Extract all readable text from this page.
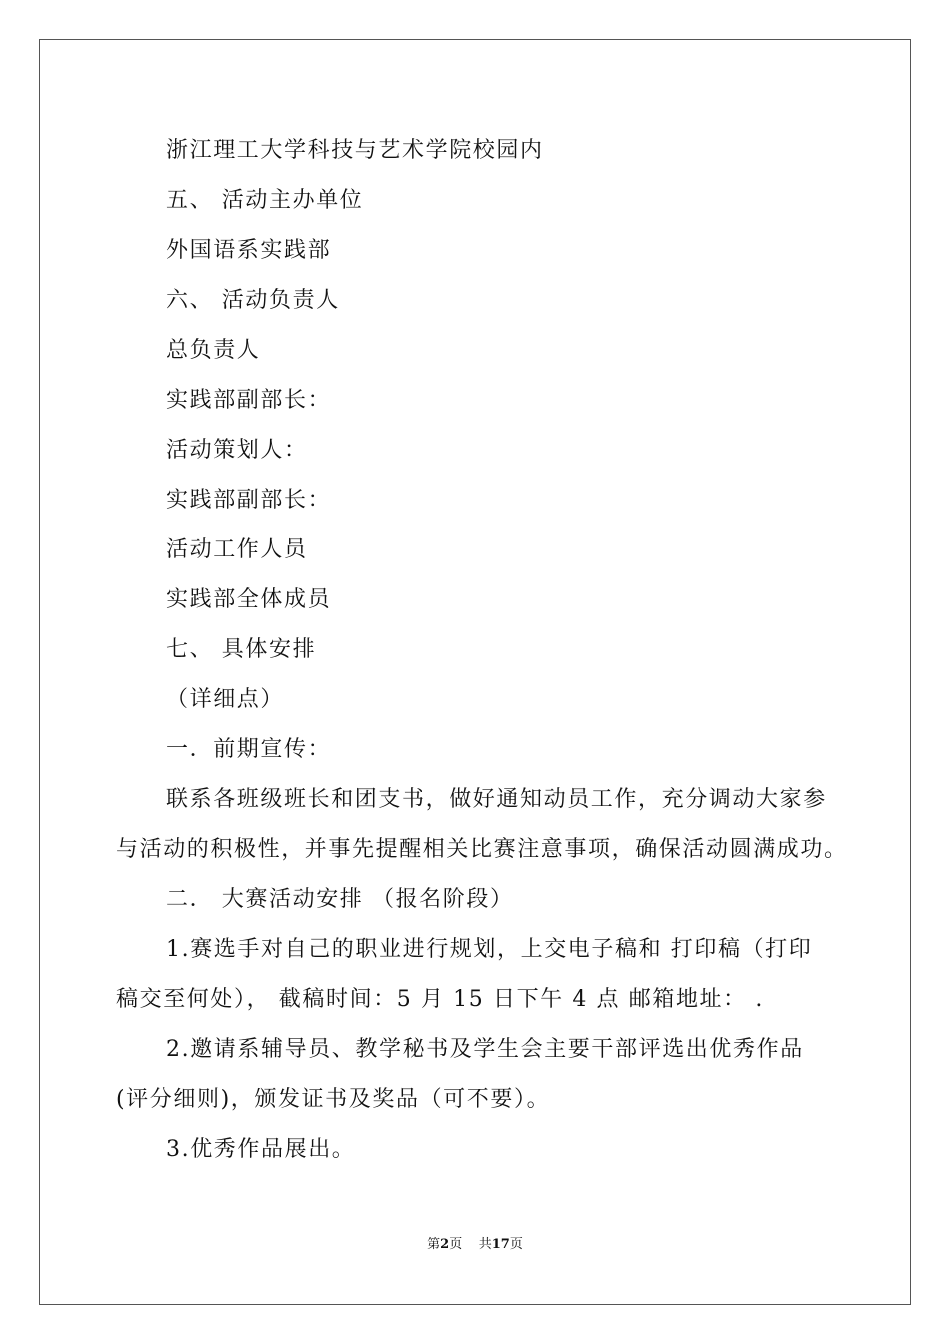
浙江理工大学科技与艺术学院校园内
五、 活动主办单位
外国语系实践部
六、 活动负责人
总负责人
实践部副部长：
活动策划人：
实践部副部长：
活动工作人员
实践部全体成员
七、 具体安排
（详细点）
一．前期宣传：
联系各班级班长和团支书，做好通知动员工作，充分调动大家参
与活动的积极性，并事先提醒相关比赛注意事项，确保活动圆满成功。
二． 大赛活动安排 （报名阶段）
1.赛选手对自己的职业进行规划，上交电子稿和 打印稿（打印
稿交至何处）， 截稿时间：5 月 15 日下午 4 点 邮箱地址： .
2.邀请系辅导员、教学秘书及学生会主要干部评选出优秀作品
(评分细则)，颁发证书及奖品（可不要）。
3.优秀作品展出。
第2页 共17页
